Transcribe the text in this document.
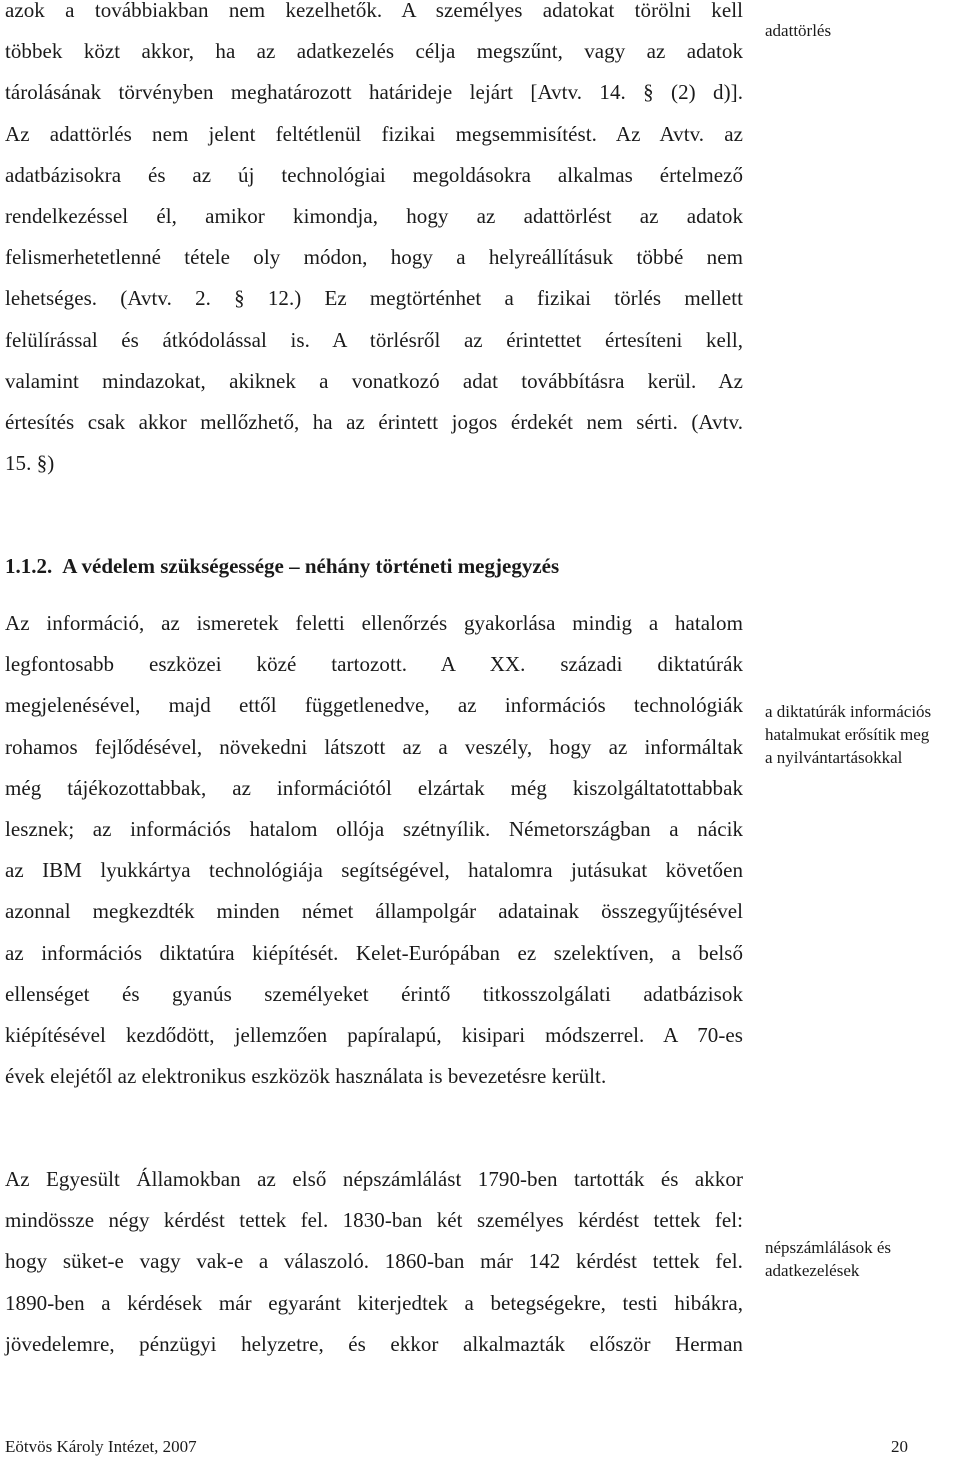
azok a továbbiakban nem kezelhetők. A személyes adatokat törölni kell
többek közt akkor, ha az adatkezelés célja megszűnt, vagy az adatok
tárolásának törvényben meghatározott határideje lejárt [Avtv. 14. § (2) d)].
Az adattörlés nem jelent feltétlenül fizikai megsemmisítést. Az Avtv. az
adatbázisokra és az új technológiai megoldásokra alkalmas értelmező
rendelkezéssel él, amikor kimondja, hogy az adattörlést az adatok
felismerhetetlenné tétele oly módon, hogy a helyreállításuk többé nem
lehetséges. (Avtv. 2. § 12.) Ez megtörténhet a fizikai törlés mellett
felülírással és átkódolással is. A törlésről az érintettet értesíteni kell,
valamint mindazokat, akiknek a vonatkozó adat továbbításra kerül. Az
értesítés csak akkor mellőzhető, ha az érintett jogos érdekét nem sérti. (Avtv.
15. §)
adattörlés
1.1.2. A védelem szükségessége – néhány történeti megjegyzés
Az információ, az ismeretek feletti ellenőrzés gyakorlása mindig a hatalom
legfontosabb eszközei közé tartozott. A XX. századi diktatúrák
megjelenésével, majd ettől függetlenedve, az információs technológiák
rohamos fejlődésével, növekedni látszott az a veszély, hogy az informáltak
még tájékozottabbak, az információtól elzártak még kiszolgáltatottabbak
lesznek; az információs hatalom ollója szétnyílik. Németországban a nácik
az IBM lyukkártya technológiája segítségével, hatalomra jutásukat követően
azonnal megkezdték minden német állampolgár adatainak összegyűjtésével
az információs diktatúra kiépítését. Kelet-Európában ez szelektíven, a belső
ellenséget és gyanús személyeket érintő titkosszolgálati adatbázisok
kiépítésével kezdődött, jellemzően papíralapú, kisipari módszerrel. A 70-es
évek elejétől az elektronikus eszközök használata is bevezetésre került.
a diktatúrák információs
hatalmukat erősítik meg
a nyilvántartásokkal
Az Egyesült Államokban az első népszámlálást 1790-ben tartották és akkor
mindössze négy kérdést tettek fel. 1830-ban két személyes kérdést tettek fel:
hogy süket-e vagy vak-e a válaszoló. 1860-ban már 142 kérdést tettek fel.
1890-ben a kérdések már egyaránt kiterjedtek a betegségekre, testi hibákra,
jövedelemre, pénzügyi helyzetre, és ekkor alkalmazták először Herman
népszámlálások és
adatkezelések
Eötvös Károly Intézet, 2007	20
